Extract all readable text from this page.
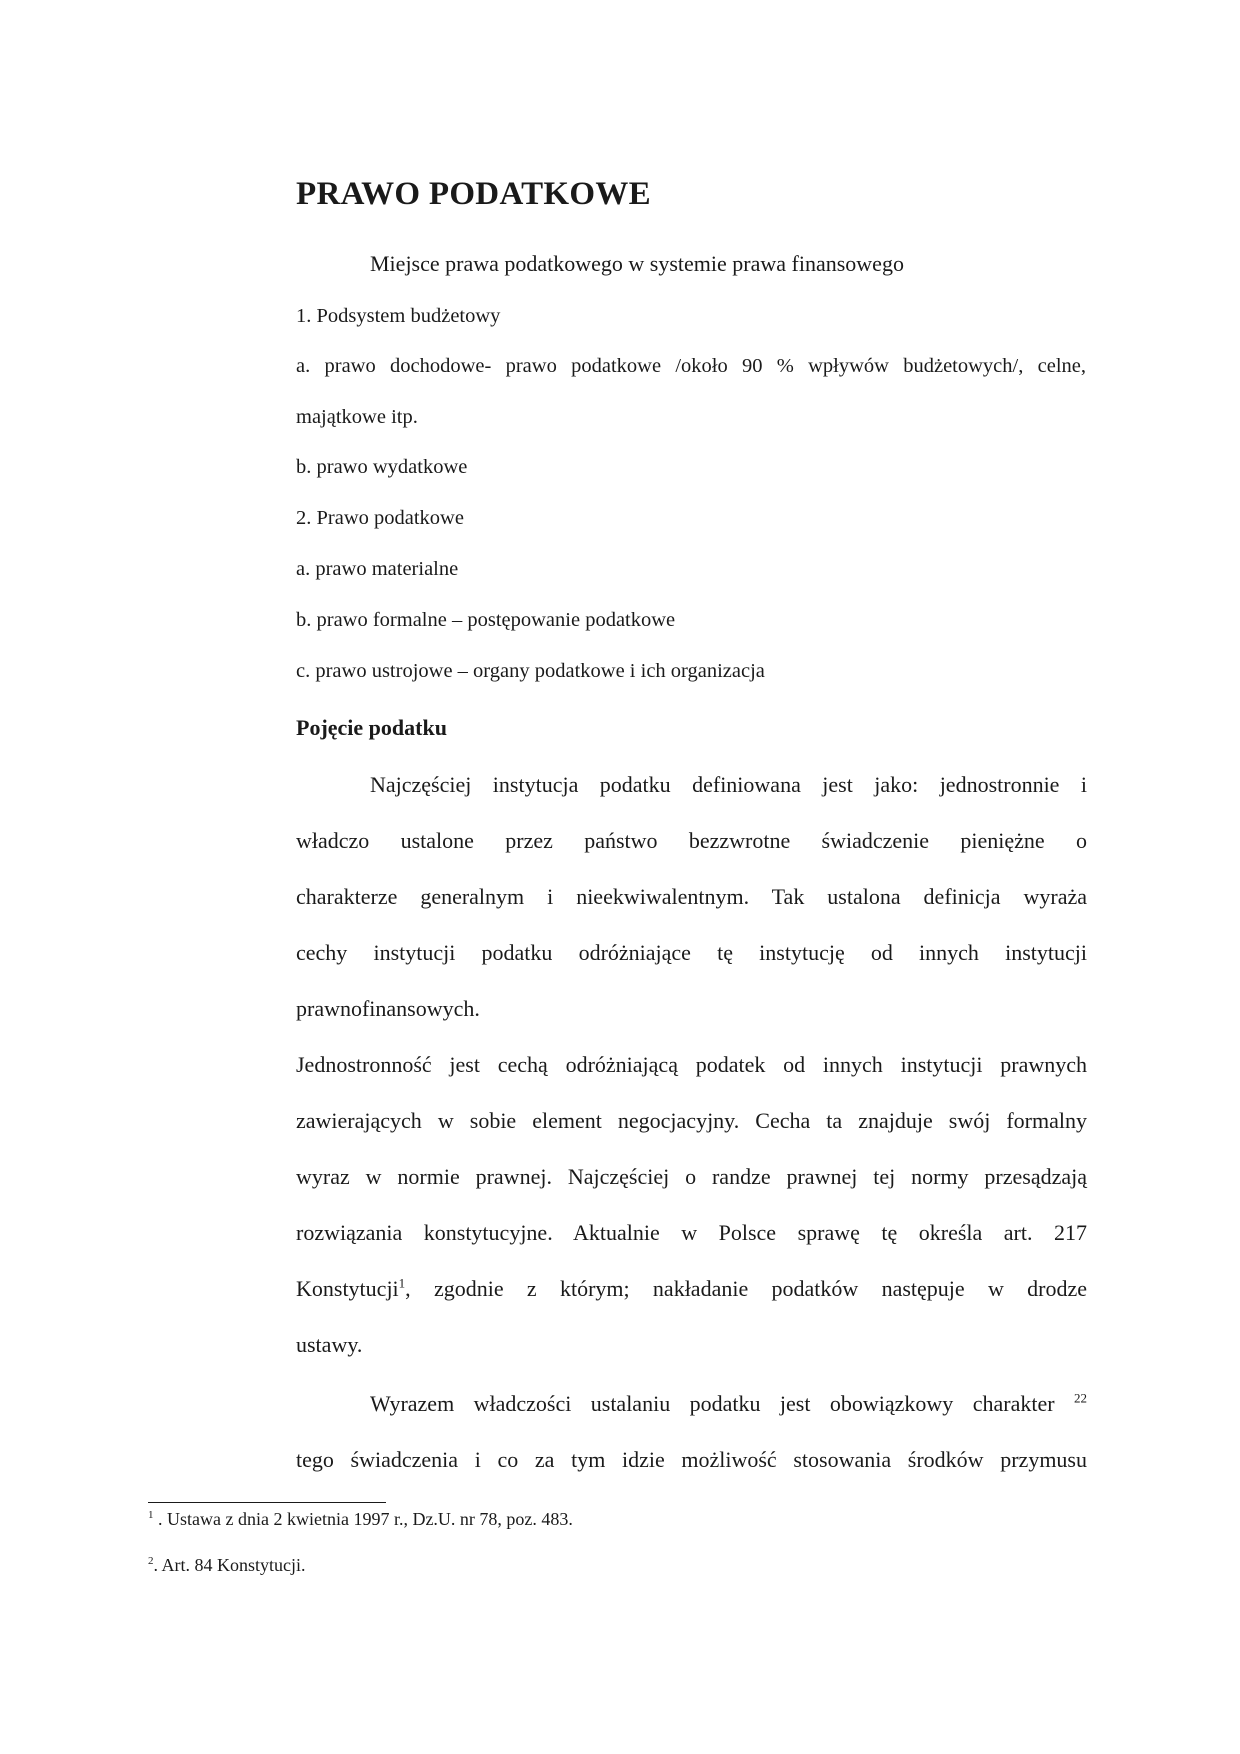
PRAWO PODATKOWE

Miejsce prawa podatkowego w systemie prawa finansowego

1. Podsystem budżetowy

a. prawo dochodowe- prawo podatkowe /około 90 % wpływów budżetowych/, celne,

majątkowe itp.

b. prawo wydatkowe

2. Prawo podatkowe

a. prawo materialne

b. prawo formalne – postępowanie podatkowe

c. prawo ustrojowe – organy podatkowe i ich organizacja

Pojęcie podatku
Najczęściej instytucja podatku definiowana jest jako: jednostronnie i
władczo ustalone przez państwo bezzwrotne świadczenie pieniężne o
charakterze generalnym i nieekwiwalentnym. Tak ustalona definicja wyraża
cechy instytucji podatku odróżniające tę instytucję od innych instytucji
prawnofinansowych.
Jednostronność jest cechą odróżniającą podatek od innych instytucji prawnych
zawierających w sobie element negocjacyjny. Cecha ta znajduje swój formalny
wyraz w normie prawnej. Najczęściej o randze prawnej tej normy przesądzają
rozwiązania konstytucyjne. Aktualnie w Polsce sprawę tę określa art. 217
Konstytucji$^1$, zgodnie z którym; nakładanie podatków następuje w drodze
ustawy.
Wyrazem władczości ustalaniu podatku jest obowiązkowy charakter $^{22}$
tego świadczenia i co za tym idzie możliwość stosowania środków przymusu

$^1$ . Ustawa z dnia 2 kwietnia 1997 r., Dz.U. nr 78, poz. 483.

$^2$. Art. 84 Konstytucji.
